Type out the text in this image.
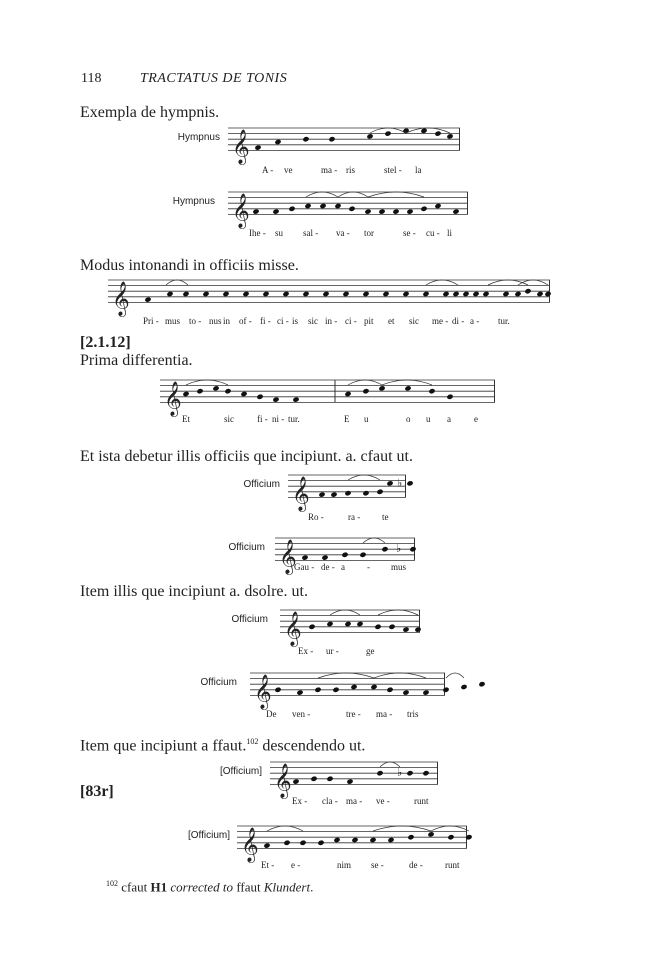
118	TRACTATUS DE TONIS
Exempla de hympnis.
Modus intonandi in officiis misse.
[2.1.12]
Prima differentia.
Et ista debetur illis officiis que incipiunt. a. cfaut ut.
Item illis que incipiunt a. dsolre. ut.
Item que incipiunt a ffaut.$^{102}$ descendendo ut.
[83r]
Hympnus 𝄞
A - ve	ma - ris	stel - la
Hympnus 𝄞
Ihe - su sal - va - tor	se - cu - li
𝄞
Pri - mus to - nus in of - fi - ci - is sic in - ci - pit et sic me - di - a - tur.
𝄞
Et	sic	fi - ni - tur.	E u	o u a	e
Officium 𝄞	♭
Ro -	ra - te
Officium 𝄞	♭
Gau - de - a - mus
Officium 𝄞
Ex - ur -	ge
Officium 𝄞
De ven -	tre - ma - tris
[Officium] 𝄞	♭
Ex - cla - ma - ve -	runt
[Officium] 𝄞
Et - e -	nim se -	de - runt
$^{102}$ cfaut H1 corrected to ffaut Klundert.
